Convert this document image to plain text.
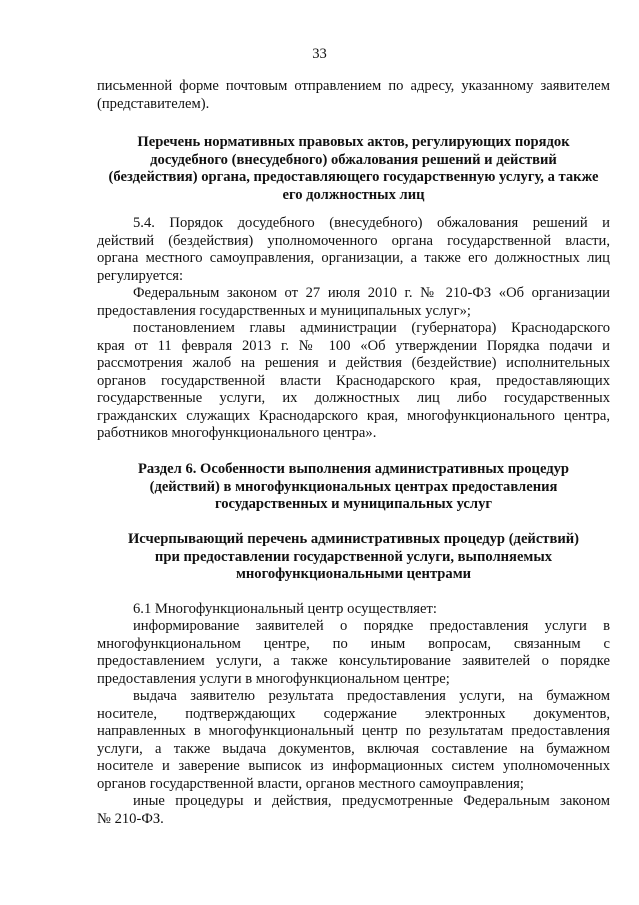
33
письменной форме почтовым отправлением по адресу, указанному заявителем
(представителем).
Перечень нормативных правовых актов, регулирующих порядок
досудебного (внесудебного) обжалования решений и действий
(бездействия) органа, предоставляющего государственную услугу, а также
его должностных лиц
5.4. Порядок досудебного (внесудебного) обжалования решений и
действий (бездействия) уполномоченного органа государственной власти,
органа местного самоуправления, организации, а также его должностных лиц
регулируется:
Федеральным законом от 27 июля 2010 г. № 210-ФЗ «Об организации
предоставления государственных и муниципальных услуг»;
постановлением главы администрации (губернатора) Краснодарского
края от 11 февраля 2013 г. № 100 «Об утверждении Порядка подачи и
рассмотрения жалоб на решения и действия (бездействие) исполнительных
органов государственной власти Краснодарского края, предоставляющих
государственные услуги, их должностных лиц либо государственных
гражданских служащих Краснодарского края, многофункционального центра,
работников многофункционального центра».
Раздел 6. Особенности выполнения административных процедур
(действий) в многофункциональных центрах предоставления
государственных и муниципальных услуг
Исчерпывающий перечень административных процедур (действий)
при предоставлении государственной услуги, выполняемых
многофункциональными центрами
6.1 Многофункциональный центр осуществляет:
информирование заявителей о порядке предоставления услуги в
многофункциональном центре, по иным вопросам, связанным с
предоставлением услуги, а также консультирование заявителей о порядке
предоставления услуги в многофункциональном центре;
выдача заявителю результата предоставления услуги, на бумажном
носителе, подтверждающих содержание электронных документов,
направленных в многофункциональный центр по результатам предоставления
услуги, а также выдача документов, включая составление на бумажном
носителе и заверение выписок из информационных систем уполномоченных
органов государственной власти, органов местного самоуправления;
иные процедуры и действия, предусмотренные Федеральным законом
№ 210-ФЗ.
